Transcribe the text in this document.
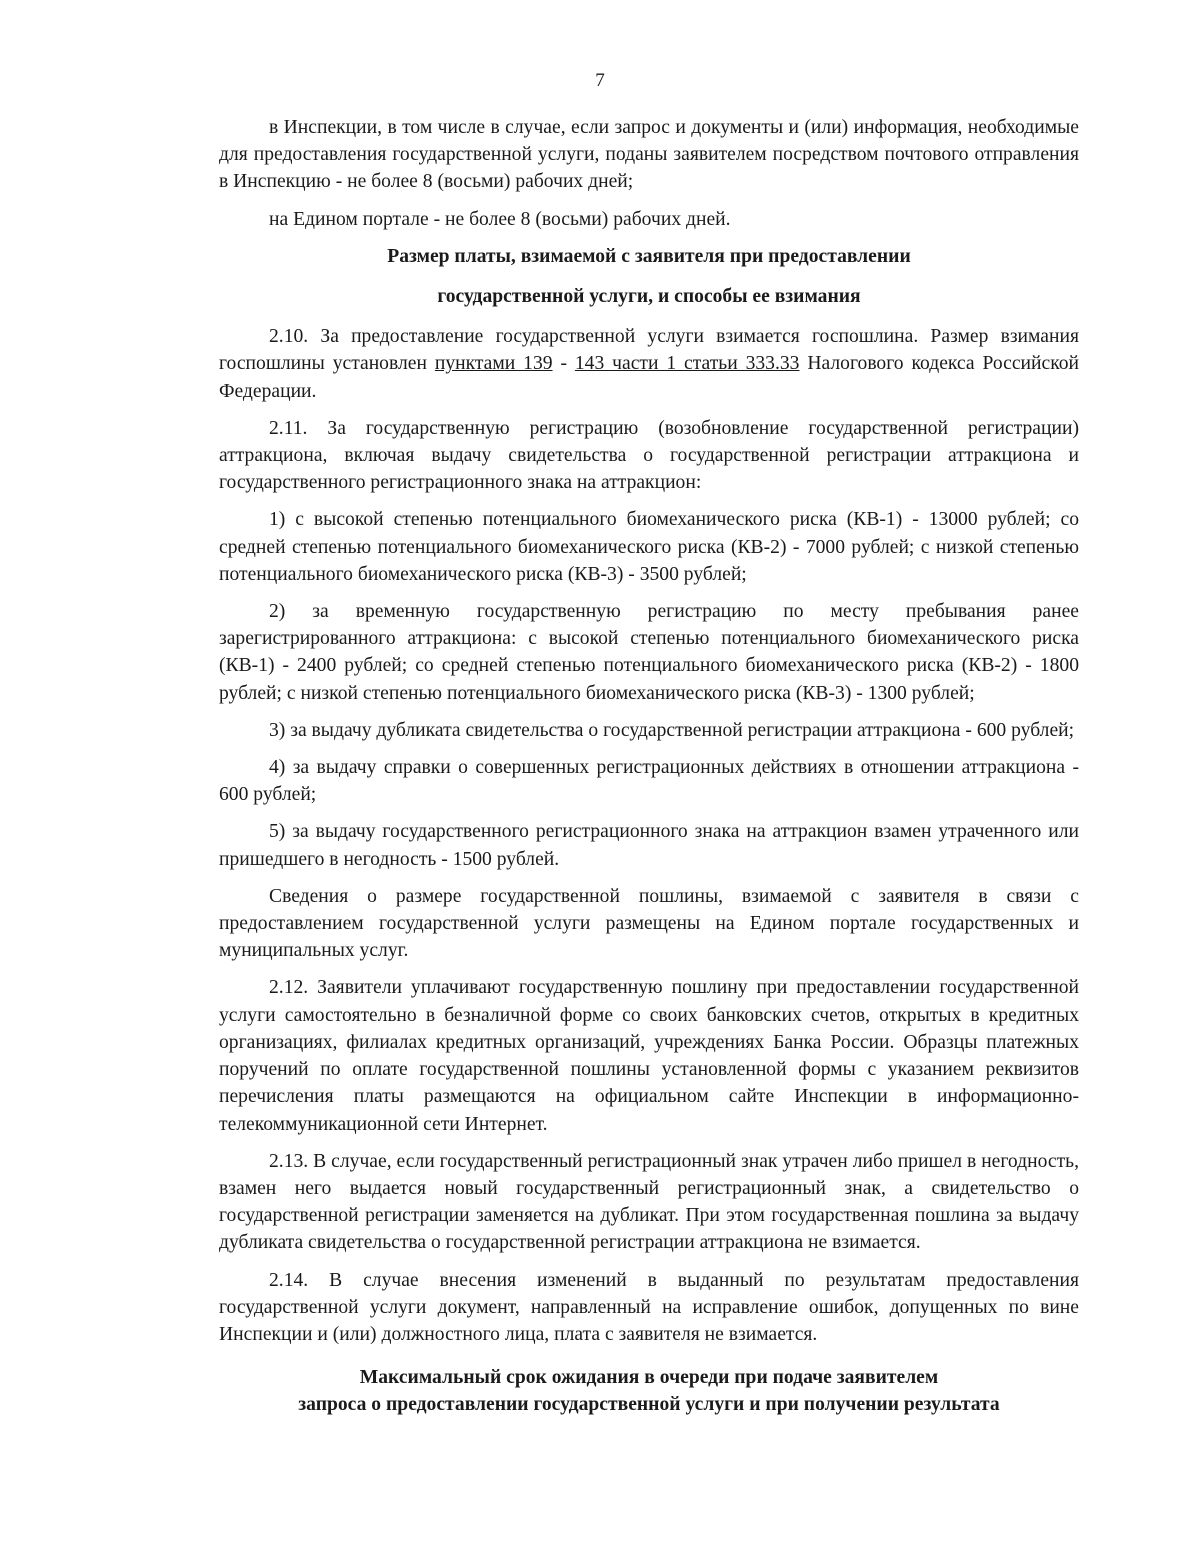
7

в Инспекции, в том числе в случае, если запрос и документы и (или) информация, необходимые для предоставления государственной услуги, поданы заявителем посредством почтового отправления в Инспекцию - не более 8 (восьми) рабочих дней;

на Едином портале - не более 8 (восьми) рабочих дней.

Размер платы, взимаемой с заявителя при предоставлении

государственной услуги, и способы ее взимания

2.10. За предоставление государственной услуги взимается госпошлина. Размер взимания госпошлины установлен пунктами 139 - 143 части 1 статьи 333.33 Налогового кодекса Российской Федерации.

2.11. За государственную регистрацию (возобновление государственной регистрации) аттракциона, включая выдачу свидетельства о государственной регистрации аттракциона и государственного регистрационного знака на аттракцион:

1) с высокой степенью потенциального биомеханического риска (КВ-1) - 13000 рублей; со средней степенью потенциального биомеханического риска (КВ-2) - 7000 рублей; с низкой степенью потенциального биомеханического риска (КВ-3) - 3500 рублей;

2) за временную государственную регистрацию по месту пребывания ранее зарегистрированного аттракциона: с высокой степенью потенциального биомеханического риска (КВ-1) - 2400 рублей; со средней степенью потенциального биомеханического риска (КВ-2) - 1800 рублей; с низкой степенью потенциального биомеханического риска (КВ-3) - 1300 рублей;

3) за выдачу дубликата свидетельства о государственной регистрации аттракциона - 600 рублей;

4) за выдачу справки о совершенных регистрационных действиях в отношении аттракциона - 600 рублей;

5) за выдачу государственного регистрационного знака на аттракцион взамен утраченного или пришедшего в негодность - 1500 рублей.

Сведения о размере государственной пошлины, взимаемой с заявителя в связи с предоставлением государственной услуги размещены на Едином портале государственных и муниципальных услуг.

2.12. Заявители уплачивают государственную пошлину при предоставлении государственной услуги самостоятельно в безналичной форме со своих банковских счетов, открытых в кредитных организациях, филиалах кредитных организаций, учреждениях Банка России. Образцы платежных поручений по оплате государственной пошлины установленной формы с указанием реквизитов перечисления платы размещаются на официальном сайте Инспекции в информационно-телекоммуникационной сети Интернет.

2.13. В случае, если государственный регистрационный знак утрачен либо пришел в негодность, взамен него выдается новый государственный регистрационный знак, а свидетельство о государственной регистрации заменяется на дубликат. При этом государственная пошлина за выдачу дубликата свидетельства о государственной регистрации аттракциона не взимается.

2.14. В случае внесения изменений в выданный по результатам предоставления государственной услуги документ, направленный на исправление ошибок, допущенных по вине Инспекции и (или) должностного лица, плата с заявителя не взимается.

Максимальный срок ожидания в очереди при подаче заявителем

запроса о предоставлении государственной услуги и при получении результата
